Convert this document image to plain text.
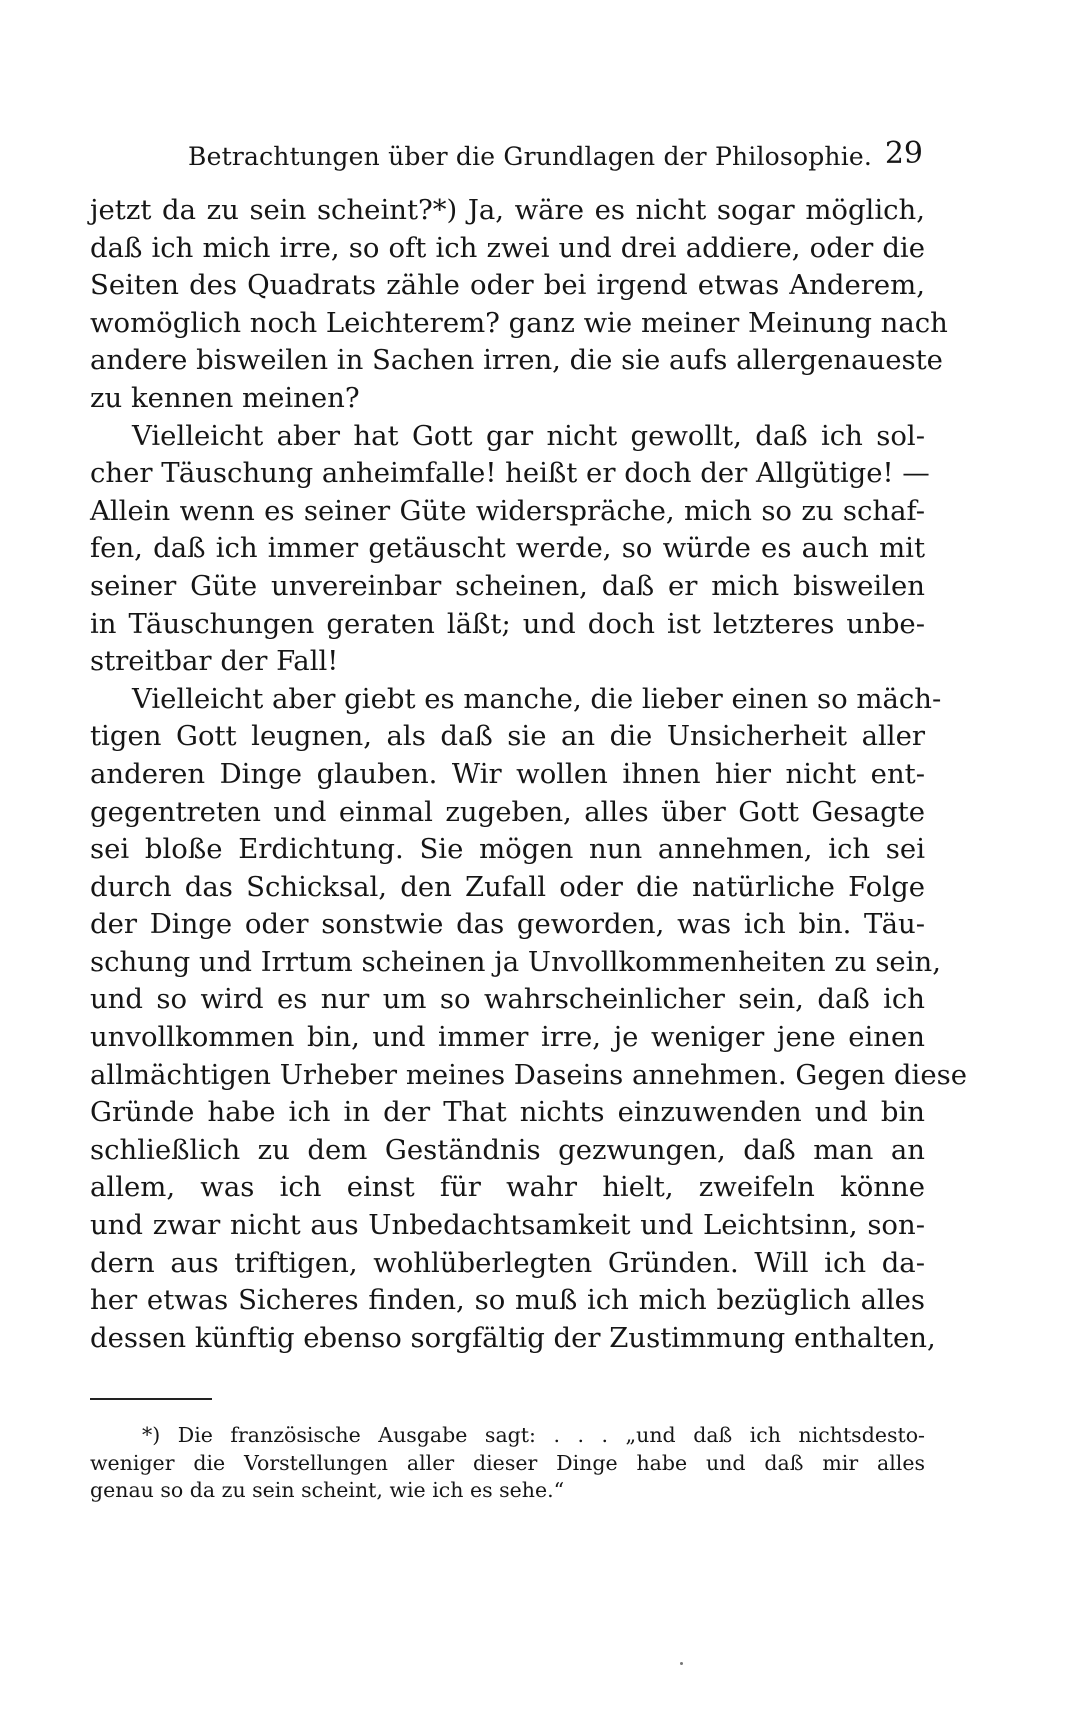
Betrachtungen über die Grundlagen der Philosophie. 29
jetzt da zu sein scheint?*) Ja, wäre es nicht sogar möglich,
daß ich mich irre, so oft ich zwei und drei addiere, oder die
Seiten des Quadrats zähle oder bei irgend etwas Anderem,
womöglich noch Leichterem? ganz wie meiner Meinung nach
andere bisweilen in Sachen irren, die sie aufs allergenaueste
zu kennen meinen?
Vielleicht aber hat Gott gar nicht gewollt, daß ich sol-
cher Täuschung anheimfalle! heißt er doch der Allgütige! —
Allein wenn es seiner Güte widerspräche, mich so zu schaf-
fen, daß ich immer getäuscht werde, so würde es auch mit
seiner Güte unvereinbar scheinen, daß er mich bisweilen
in Täuschungen geraten läßt; und doch ist letzteres unbe-
streitbar der Fall!
Vielleicht aber giebt es manche, die lieber einen so mäch-
tigen Gott leugnen, als daß sie an die Unsicherheit aller
anderen Dinge glauben. Wir wollen ihnen hier nicht ent-
gegentreten und einmal zugeben, alles über Gott Gesagte
sei bloße Erdichtung. Sie mögen nun annehmen, ich sei
durch das Schicksal, den Zufall oder die natürliche Folge
der Dinge oder sonstwie das geworden, was ich bin. Täu-
schung und Irrtum scheinen ja Unvollkommenheiten zu sein,
und so wird es nur um so wahrscheinlicher sein, daß ich
unvollkommen bin, und immer irre, je weniger jene einen
allmächtigen Urheber meines Daseins annehmen. Gegen diese
Gründe habe ich in der That nichts einzuwenden und bin
schließlich zu dem Geständnis gezwungen, daß man an
allem, was ich einst für wahr hielt, zweifeln könne
und zwar nicht aus Unbedachtsamkeit und Leichtsinn, son-
dern aus triftigen, wohlüberlegten Gründen. Will ich da-
her etwas Sicheres finden, so muß ich mich bezüglich alles
dessen künftig ebenso sorgfältig der Zustimmung enthalten,
*) Die französische Ausgabe sagt: . . . „und daß ich nichtsdesto-
weniger die Vorstellungen aller dieser Dinge habe und daß mir alles
genau so da zu sein scheint, wie ich es sehe.“
